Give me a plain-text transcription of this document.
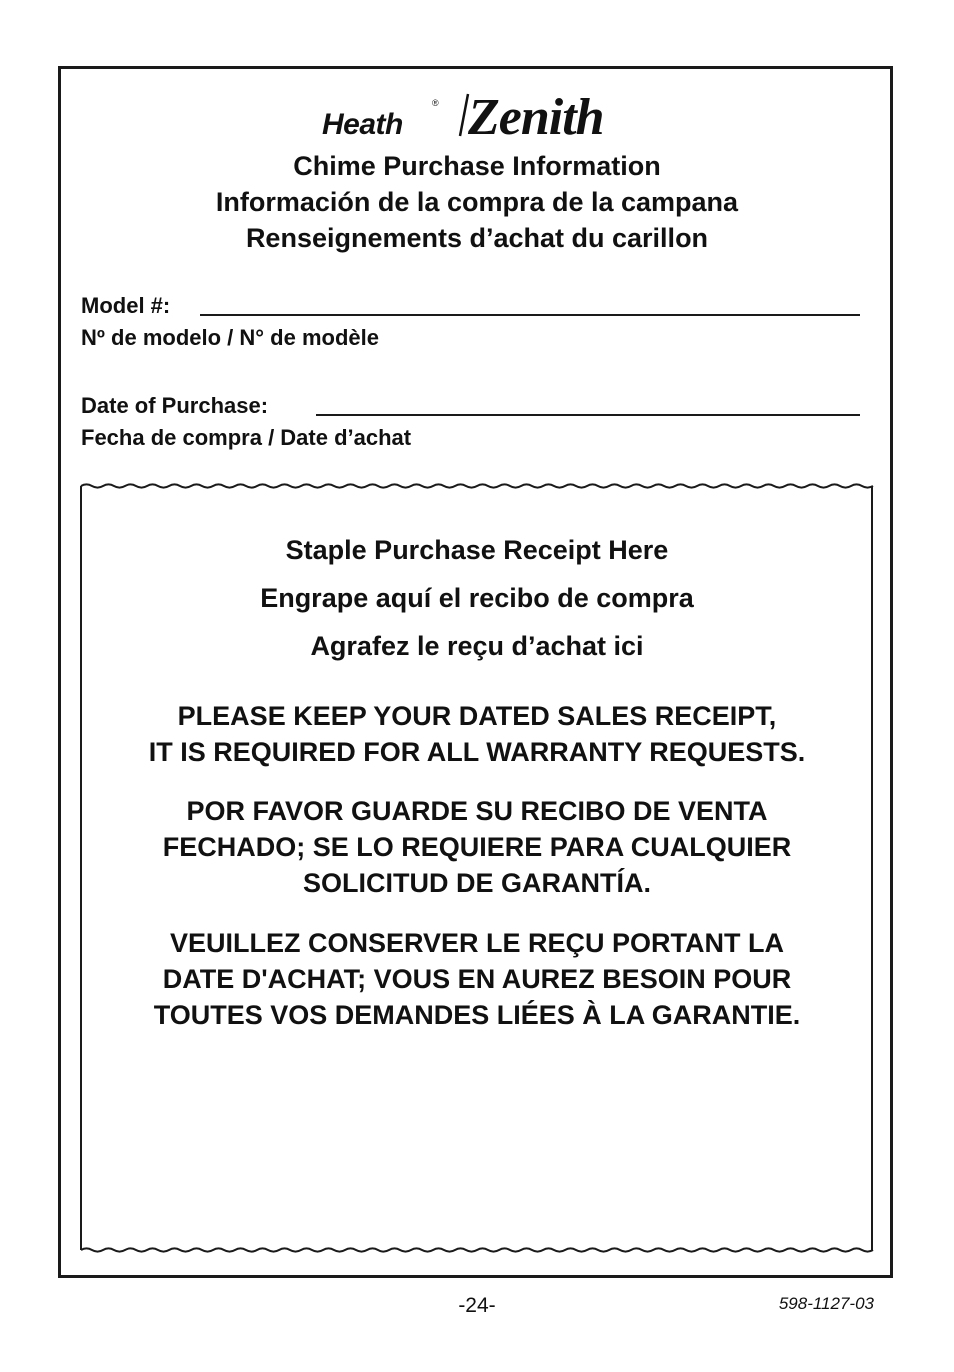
Heath
® Zenith
Chime Purchase Information
Información de la compra de la campana
Renseignements d’achat du carillon
Model #:
Nº de modelo / N° de modèle
Date of Purchase:
Fecha de compra / Date d’achat
Staple Purchase Receipt Here
Engrape aquí el recibo de compra
Agrafez le reçu d’achat ici
PLEASE KEEP YOUR DATED SALES RECEIPT,
IT IS REQUIRED FOR ALL WARRANTY REQUESTS.
POR FAVOR GUARDE SU RECIBO DE VENTA
FECHADO; SE LO REQUIERE PARA CUALQUIER
SOLICITUD DE GARANTÍA.
VEUILLEZ CONSERVER LE REÇU PORTANT LA
DATE D'ACHAT; VOUS EN AUREZ BESOIN POUR
TOUTES VOS DEMANDES LIÉES À LA GARANTIE.
-24-	598-1127-03
